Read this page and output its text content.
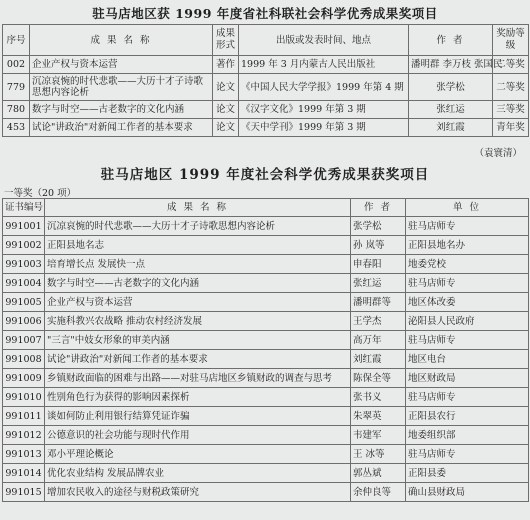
驻马店地区获 1999 年度省社科联社会科学优秀成果奖项目
序号	成 果 名 称	成果形式	出版或发表时间、地点	作 者	奖励等级
002	企业产权与资本运营	著作	1999 年 3 月内蒙古人民出版社	潘明群 李万枝 张国民	二等奖
779	沉凉哀惋的时代悲歌——大历十才子诗歌思想内容论析	论文	《中国人民大学学报》1999 年第 4 期	张学松	二等奖
780	数字与时空——古老数字的文化内涵	论文	《汉字文化》1999 年第 3 期	张红运	三等奖
453	试论"讲政治"对新闻工作者的基本要求	论文	《天中学刊》1999 年第 3 期	刘红霞	青年奖
（袁寰清）
驻马店地区 1999 年度社会科学优秀成果获奖项目
一等奖（20 项）
证书编号	成 果 名 称	作 者	单 位
991001	沉凉哀惋的时代悲歌——大历十才子诗歌思想内容论析	张学松	驻马店师专
991002	正阳县地名志	孙 岚等	正阳县地名办
991003	培育增长点 发展快一点	申春阳	地委党校
991004	数字与时空——古老数字的文化内涵	张红运	驻马店师专
991005	企业产权与资本运营	潘明群等	地区体改委
991006	实施科教兴农战略 推动农村经济发展	王学杰	泌阳县人民政府
991007	"三言"中妓女形象的审美内涵	高万年	驻马店师专
991008	试论"讲政治"对新闻工作者的基本要求	刘红霞	地区电台
991009	乡镇财政面临的困难与出路——对驻马店地区乡镇财政的调查与思考	陈保全等	地区财政局
991010	性别角色行为获得的影响因素探析	张书义	驻马店师专
991011	谈如何防止利用银行结算凭证诈骗	朱翠英	正阳县农行
991012	公德意识的社会功能与现时代作用	韦建军	地委组织部
991013	邓小平理论概论	王 冰等	驻马店师专
991014	优化农业结构 发展品牌农业	郭丛斌	正阳县委
991015	增加农民收入的途径与财税政策研究	余仲良等	确山县财政局
